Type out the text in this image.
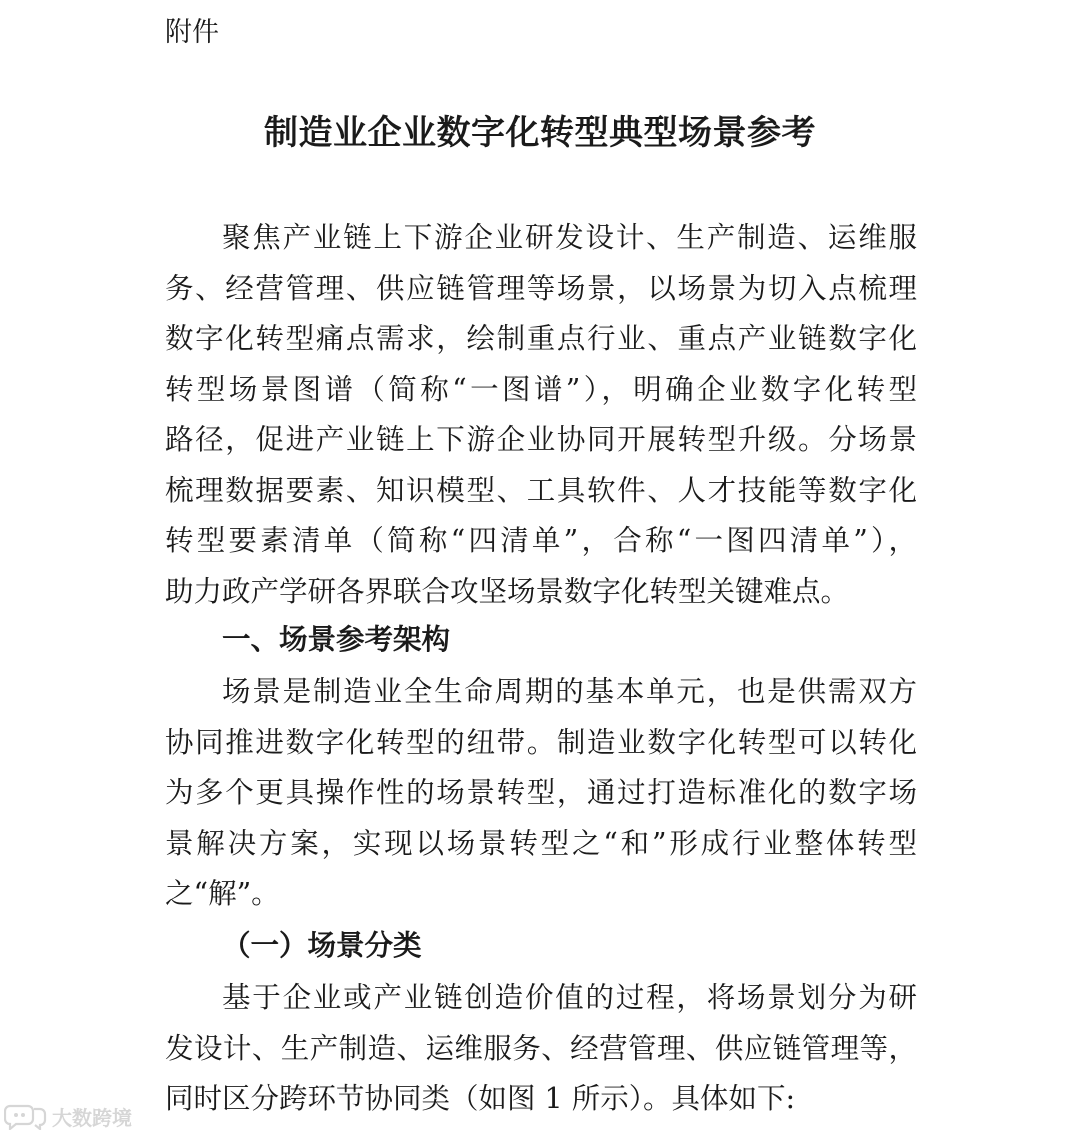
附件
制造业企业数字化转型典型场景参考
聚焦产业链上下游企业研发设计、生产制造、运维服
务、经营管理、供应链管理等场景，以场景为切入点梳理
数字化转型痛点需求，绘制重点行业、重点产业链数字化
转型场景图谱（简称“一图谱”），明确企业数字化转型
路径，促进产业链上下游企业协同开展转型升级。分场景
梳理数据要素、知识模型、工具软件、人才技能等数字化
转型要素清单（简称“四清单”，合称“一图四清单”），
助力政产学研各界联合攻坚场景数字化转型关键难点。
一、场景参考架构
场景是制造业全生命周期的基本单元，也是供需双方
协同推进数字化转型的纽带。制造业数字化转型可以转化
为多个更具操作性的场景转型，通过打造标准化的数字场
景解决方案，实现以场景转型之“和”形成行业整体转型
之“解”。
（一）场景分类
基于企业或产业链创造价值的过程，将场景划分为研
发设计、生产制造、运维服务、经营管理、供应链管理等，
同时区分跨环节协同类（如图 1 所示）。具体如下:
大数跨境
